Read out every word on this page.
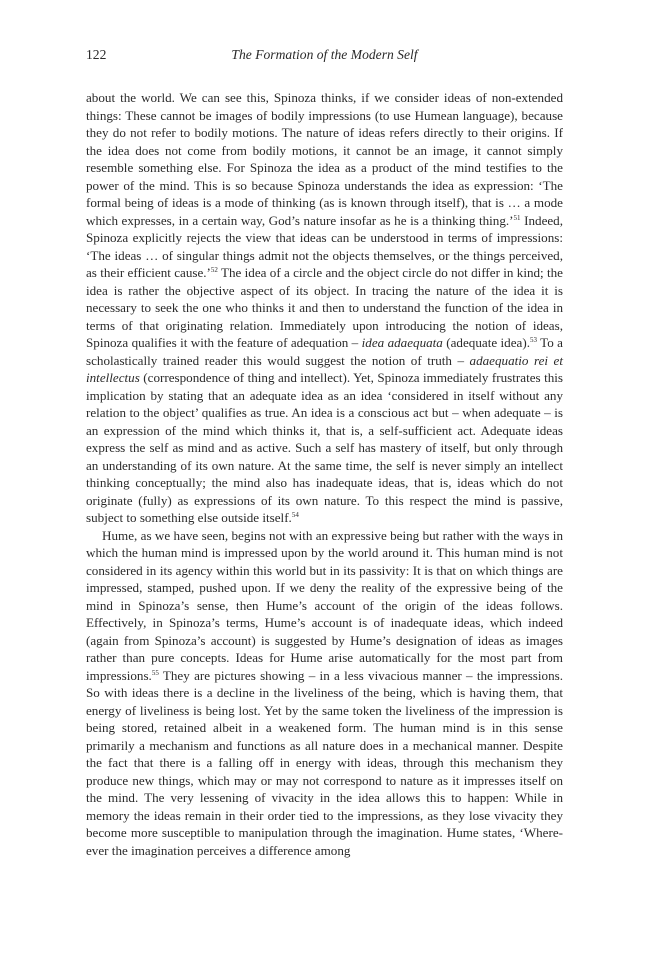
122	The Formation of the Modern Self

about the world. We can see this, Spinoza thinks, if we consider ideas of non-extended things: These cannot be images of bodily impressions (to use Humean language), because they do not refer to bodily motions. The nature of ideas refers directly to their origins. If the idea does not come from bodily motions, it cannot be an image, it cannot simply resemble something else. For Spinoza the idea as a product of the mind testifies to the power of the mind. This is so because Spinoza understands the idea as expression: ‘The formal being of ideas is a mode of thinking (as is known through itself), that is … a mode which expresses, in a certain way, God’s nature insofar as he is a thinking thing.’$^{51}$ Indeed, Spinoza explicitly rejects the view that ideas can be understood in terms of impressions: ‘The ideas … of singular things admit not the objects themselves, or the things perceived, as their efficient cause.’$^{52}$ The idea of a circle and the object circle do not differ in kind; the idea is rather the objective aspect of its object. In tracing the nature of the idea it is necessary to seek the one who thinks it and then to understand the function of the idea in terms of that originating relation. Immediately upon introducing the notion of ideas, Spinoza qualifies it with the feature of adequation – idea adaequata (adequate idea).$^{53}$ To a scholastically trained reader this would suggest the notion of truth – adaequatio rei et intellectus (correspondence of thing and intellect). Yet, Spinoza immediately frustrates this implication by stating that an adequate idea as an idea ‘considered in itself without any relation to the object’ qualifies as true. An idea is a conscious act but – when adequate – is an expression of the mind which thinks it, that is, a self-sufficient act. Adequate ideas express the self as mind and as active. Such a self has mastery of itself, but only through an understanding of its own nature. At the same time, the self is never simply an intellect thinking conceptually; the mind also has inadequate ideas, that is, ideas which do not originate (fully) as expressions of its own nature. To this respect the mind is passive, subject to something else outside itself.$^{54}$

Hume, as we have seen, begins not with an expressive being but rather with the ways in which the human mind is impressed upon by the world around it. This human mind is not considered in its agency within this world but in its passivity: It is that on which things are impressed, stamped, pushed upon. If we deny the reality of the expressive being of the mind in Spinoza’s sense, then Hume’s account of the origin of the ideas follows. Effectively, in Spinoza’s terms, Hume’s account is of inadequate ideas, which indeed (again from Spinoza’s account) is suggested by Hume’s designation of ideas as images rather than pure concepts. Ideas for Hume arise automatically for the most part from impressions.$^{55}$ They are pictures showing – in a less vivacious manner – the impressions. So with ideas there is a decline in the liveliness of the being, which is having them, that energy of liveliness is being lost. Yet by the same token the liveliness of the impression is being stored, retained albeit in a weakened form. The human mind is in this sense primarily a mechanism and functions as all nature does in a mechanical manner. Despite the fact that there is a falling off in energy with ideas, through this mechanism they produce new things, which may or may not correspond to nature as it impresses itself on the mind. The very lessening of vivacity in the idea allows this to happen: While in memory the ideas remain in their order tied to the impressions, as they lose vivacity they become more susceptible to manipulation through the imagination. Hume states, ‘Where-ever the imagination perceives a difference among
